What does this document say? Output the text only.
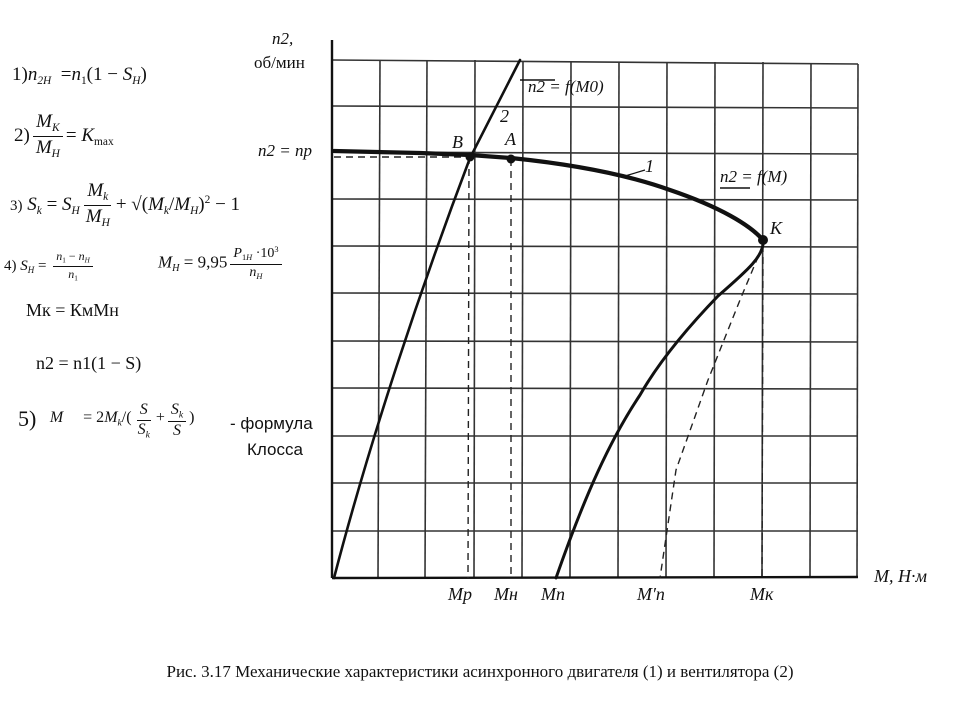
$1)n_{2H} =n_1(1 - S_H)$
$2) \frac{M_K}{M_H} = K_{max}$
3) $S_k = S_H \frac{M_k}{M_H} + √(M_k/M_H)^2 - 1$
4) $S_H = \frac{n_1 - n_H}{n_1}$	$M_H = 9,95 \frac{P_{1H} \cdot 10^3}{n_H}$
Mк = КмMн
n2 = n1(1 − S)
5) M     = $2M_k/( \frac{S}{S_k} + \frac{S_k}{S}$ ) - формула
Клосса
n2,
об/мин
M, Н·м
n2 = nр	B A
K
n2 = f(M)
1
n2 = f(M0)
2
Mр Mн Mп	M′п	Mк
Рис. 3.17 Механические характеристики асинхронного двигателя (1) и вентилятора (2)
